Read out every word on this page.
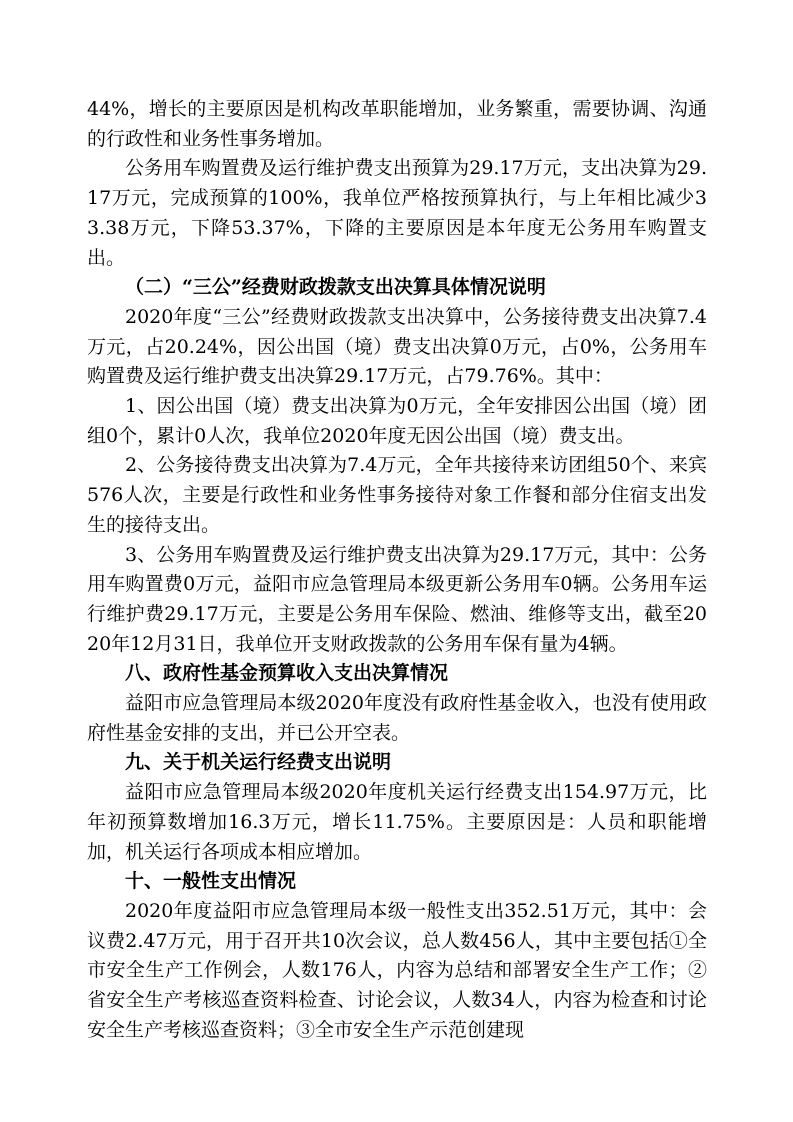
44%，增长的主要原因是机构改革职能增加，业务繁重，需要协调、沟通的行政性和业务性事务增加。

公务用车购置费及运行维护费支出预算为29.17万元，支出决算为29.17万元，完成预算的100%，我单位严格按预算执行，与上年相比减少33.38万元，下降53.37%，下降的主要原因是本年度无公务用车购置支出。

（二）“三公”经费财政拨款支出决算具体情况说明

2020年度“三公”经费财政拨款支出决算中，公务接待费支出决算7.4万元，占20.24%，因公出国（境）费支出决算0万元，占0%，公务用车购置费及运行维护费支出决算29.17万元，占79.76%。其中：

1、因公出国（境）费支出决算为0万元，全年安排因公出国（境）团组0个，累计0人次，我单位2020年度无因公出国（境）费支出。

2、公务接待费支出决算为7.4万元，全年共接待来访团组50个、来宾576人次，主要是行政性和业务性事务接待对象工作餐和部分住宿支出发生的接待支出。

3、公务用车购置费及运行维护费支出决算为29.17万元，其中：公务用车购置费0万元，益阳市应急管理局本级更新公务用车0辆。公务用车运行维护费29.17万元，主要是公务用车保险、燃油、维修等支出，截至2020年12月31日，我单位开支财政拨款的公务用车保有量为4辆。

八、政府性基金预算收入支出决算情况

益阳市应急管理局本级2020年度没有政府性基金收入，也没有使用政府性基金安排的支出，并已公开空表。

九、关于机关运行经费支出说明

益阳市应急管理局本级2020年度机关运行经费支出154.97万元，比年初预算数增加16.3万元，增长11.75%。主要原因是：人员和职能增加，机关运行各项成本相应增加。

十、一般性支出情况

2020年度益阳市应急管理局本级一般性支出352.51万元，其中：会议费2.47万元，用于召开共10次会议，总人数456人，其中主要包括①全市安全生产工作例会，人数176人，内容为总结和部署安全生产工作；②省安全生产考核巡查资料检查、讨论会议，人数34人，内容为检查和讨论安全生产考核巡查资料；③全市安全生产示范创建现
